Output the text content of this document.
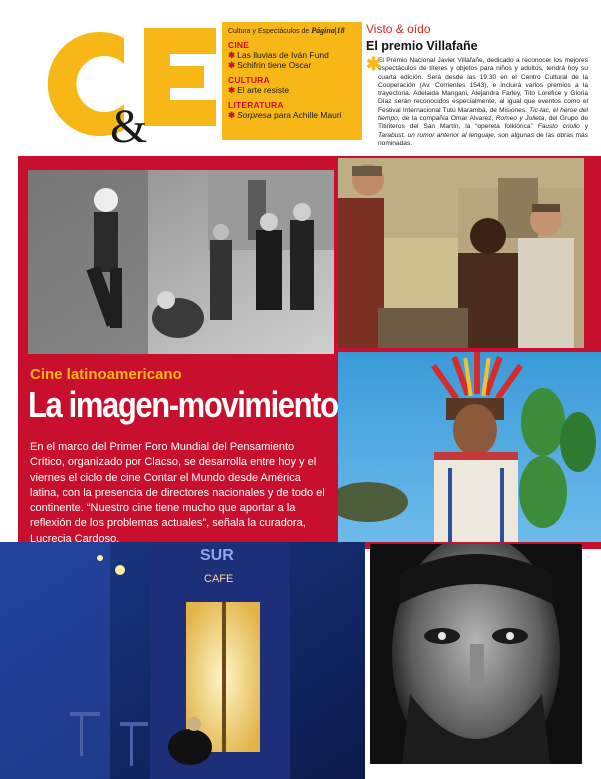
&
Cultura y Espectáculos de Página|18
CINE
✱ Las lluvias de Iván Fund
✱ Schifrin tiene Oscar
CULTURA
✱ El arte resiste
LITERATURA
✱ Sorpresa para Achille Mauri
Visto & oído
El premio Villafañe
✱
El Premio Nacional Javier Villafañe, dedicado a reconocer los mejores espectáculos de títeres y objetos para niños y adultos, tendrá hoy su cuarta edición. Será desde las 19.30 en el Centro Cultural de la Cooperación (Av. Corrientes 1543), e incluirá varios premios a la trayectoria. Adelaida Mangani, Alejandra Farley, Tito Lorefice y Gloria Díaz serán reconocidos especialmente, al igual que eventos como el Festival Internacional Tutú Marambá, de Misiones. Tic-tac, el héroe del tiempo, de la compañía Omar Alvarez, Romeo y Julieta, del Grupo de Titiriteros del San Martín, la “opereta folklórica” Fausto criollo y Tarabust, un rumor anterior al lenguaje, son algunas de las obras más nominadas.
SUR
CAFE
Cine latinoamericano
La imagen-movimiento
En el marco del Primer Foro Mundial del Pensamiento Crítico, organizado por Clacso, se desarrolla entre hoy y el viernes el ciclo de cine Contar el Mundo desde América latina, con la presencia de directores nacionales y de todo el continente. “Nuestro cine tiene mucho que aportar a la reflexión de los problemas actuales”, señala la curadora, Lucrecia Cardoso.
